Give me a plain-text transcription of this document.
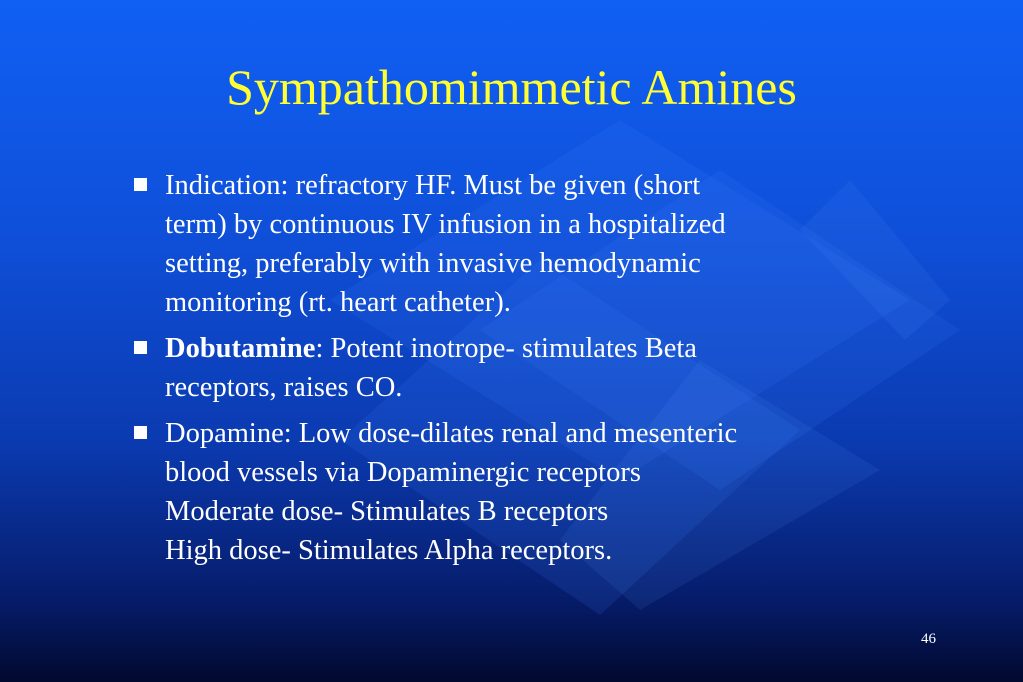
Sympathomimmetic Amines
Indication: refractory HF. Must be given (short
term) by continuous IV infusion in a hospitalized
setting, preferably with invasive hemodynamic
monitoring (rt. heart catheter).
Dobutamine: Potent inotrope- stimulates Beta
receptors, raises CO.
Dopamine: Low dose-dilates renal and mesenteric
blood vessels via Dopaminergic receptors
Moderate dose- Stimulates B receptors
High dose- Stimulates Alpha receptors.
46
